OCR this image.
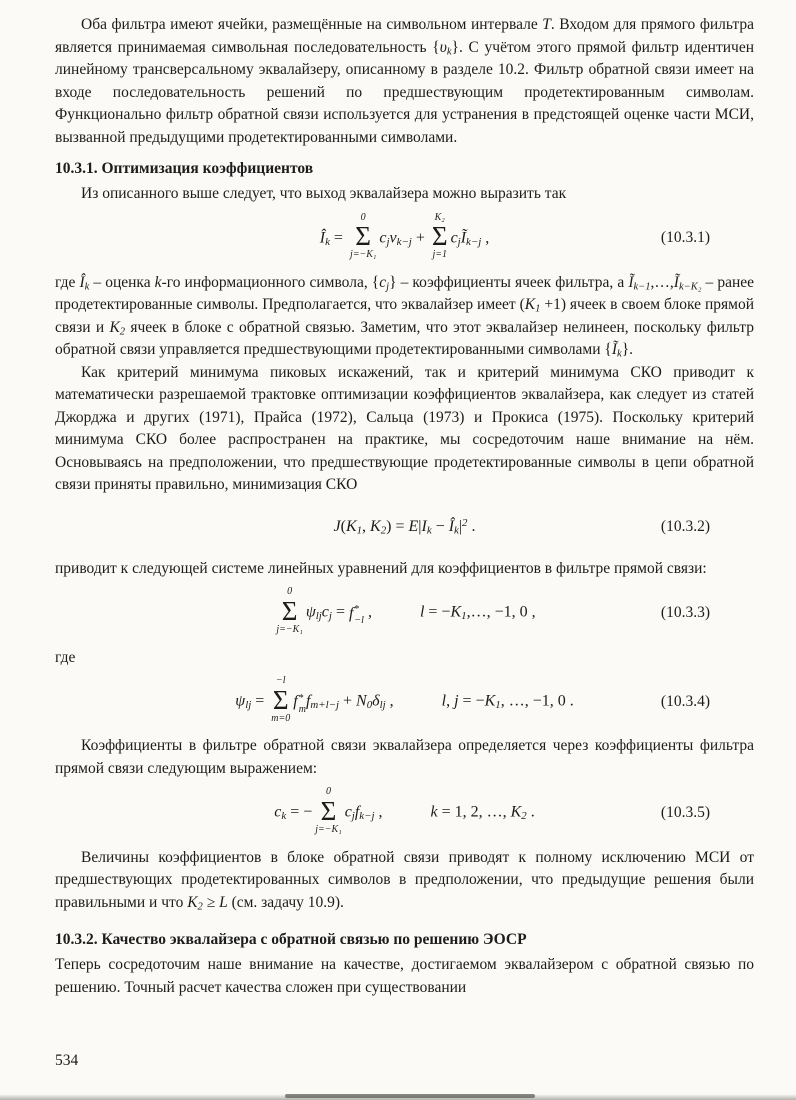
Оба фильтра имеют ячейки, размещённые на символьном интервале T. Входом для прямого фильтра является принимаемая символьная последовательность $\{\upsilon_k\}$. С учётом этого прямой фильтр идентичен линейному трансверсальному эквалайзеру, описанному в разделе 10.2. Фильтр обратной связи имеет на входе последовательность решений по предшествующим продетектированным символам. Функционально фильтр обратной связи используется для устранения в предстоящей оценке части МСИ, вызванной предыдущими продетектированными символами.

10.3.1. Оптимизация коэффициентов

Из описанного выше следует, что выход эквалайзера можно выразить так

$Î_k$ =
0
Σ
j=−K₁
$c_jv_{k-j}$ +
K₂
Σ
j=1
$c_jĨ_{k-j}$ ,	(10.3.1)

где $Î_k$ – оценка k-го информационного символа, $\{c_j\}$ – коэффициенты ячеек фильтра, а $Ĩ_{k-1},\dots,Ĩ_{k-K_2}$ – ранее продетектированные символы. Предполагается, что эквалайзер имеет $(K_1 +1)$ ячеек в своем блоке прямой связи и $K_2$ ячеек в блоке с обратной связью. Заметим, что этот эквалайзер нелинеен, поскольку фильтр обратной связи управляется предшествующими продетектированными символами $\{Ĩ_k\}$.

Как критерий минимума пиковых искажений, так и критерий минимума СКО приводит к математически разрешаемой трактовке оптимизации коэффициентов эквалайзера, как следует из статей Джорджа и других (1971), Прайса (1972), Сальца (1973) и Прокиса (1975). Поскольку критерий минимума СКО более распространен на практике, мы сосредоточим наше внимание на нём. Основываясь на предположении, что предшествующие продетектированные символы в цепи обратной связи приняты правильно, минимизация СКО

$J(K_1$, $K_2) = E|I_k$ − $Î_k|^2$ .	(10.3.2)

приводит к следующей системе линейных уравнений для коэффициентов в фильтре прямой связи:

0
Σ
j=−K₁
$\psi_{lj}c_j = f$ *
−l ,	$l = -K_1,\dots$, −1, 0 ,	(10.3.3)

где

$\psi_{lj}$ =
−l
Σ
m=0
f *
m $f_{m+l-j} + N_0\delta_{lj}$ ,	l, $j = -K_1$, …, −1, 0 .	(10.3.4)

Коэффициенты в фильтре обратной связи эквалайзера определяется через коэффициенты фильтра прямой связи следующим выражением:

$c_k$ = −
0
Σ
j=−K₁
$c_jf_{k-j}$ ,	k = 1, 2, …, $K_2$ .	(10.3.5)

Величины коэффициентов в блоке обратной связи приводят к полному исключению МСИ от предшествующих продетектированных символов в предположении, что предыдущие решения были правильными и что $K_2 \ge L$ (см. задачу 10.9).

10.3.2. Качество эквалайзера с обратной связью по решению ЭОСР

Теперь сосредоточим наше внимание на качестве, достигаемом эквалайзером с обратной связью по решению. Точный расчет качества сложен при существовании

534
